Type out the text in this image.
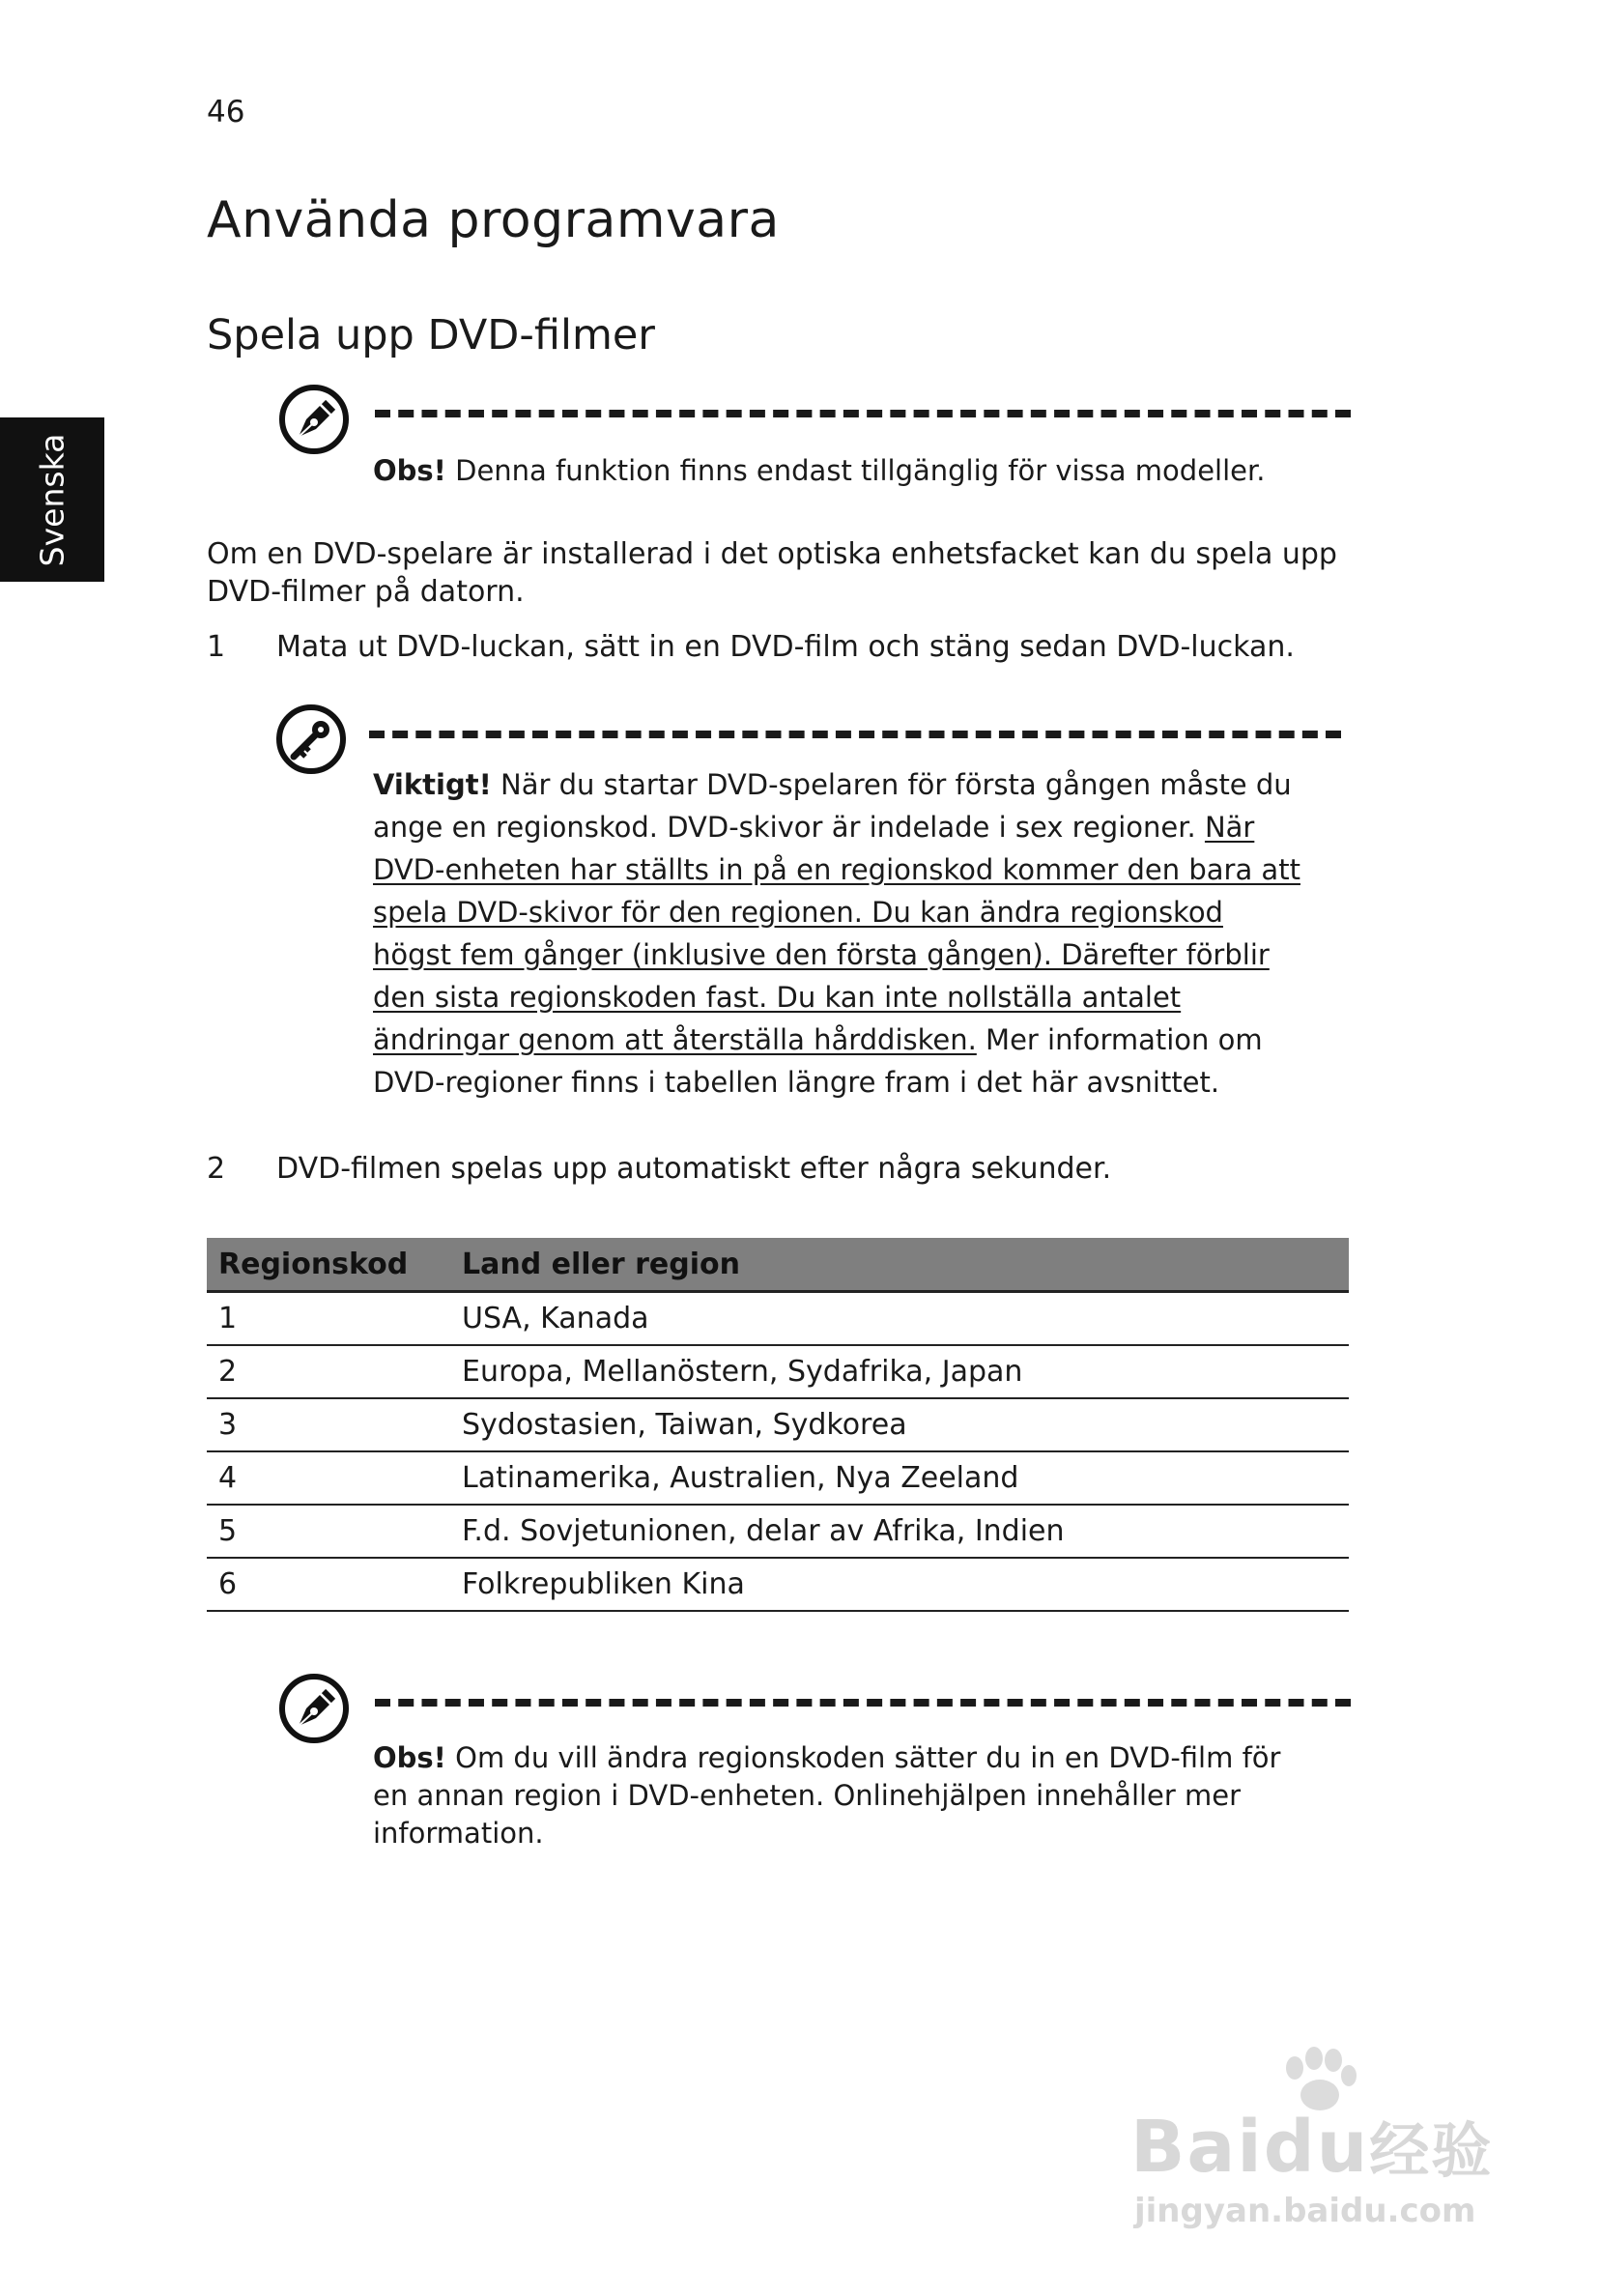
46
Svenska
Använda programvara
Spela upp DVD-filmer
Obs! Denna funktion finns endast tillgänglig för vissa modeller.
Om en DVD-spelare är installerad i det optiska enhetsfacket kan du spela upp
DVD-filmer på datorn.
1 Mata ut DVD-luckan, sätt in en DVD-film och stäng sedan DVD-luckan.
Viktigt! När du startar DVD-spelaren för första gången måste du
ange en regionskod. DVD-skivor är indelade i sex regioner. När
DVD-enheten har ställts in på en regionskod kommer den bara att
spela DVD-skivor för den regionen. Du kan ändra regionskod
högst fem gånger (inklusive den första gången). Därefter förblir
den sista regionskoden fast. Du kan inte nollställa antalet
ändringar genom att återställa hårddisken. Mer information om
DVD-regioner finns i tabellen längre fram i det här avsnittet.
2 DVD-filmen spelas upp automatiskt efter några sekunder.
Regionskod	Land eller region
1	USA, Kanada
2	Europa, Mellanöstern, Sydafrika, Japan
3	Sydostasien, Taiwan, Sydkorea
4	Latinamerika, Australien, Nya Zeeland
5	F.d. Sovjetunionen, delar av Afrika, Indien
6	Folkrepubliken Kina
Obs! Om du vill ändra regionskoden sätter du in en DVD-film för
en annan region i DVD-enheten. Onlinehjälpen innehåller mer
information.
Baidu经验
jingyan.baidu.com
